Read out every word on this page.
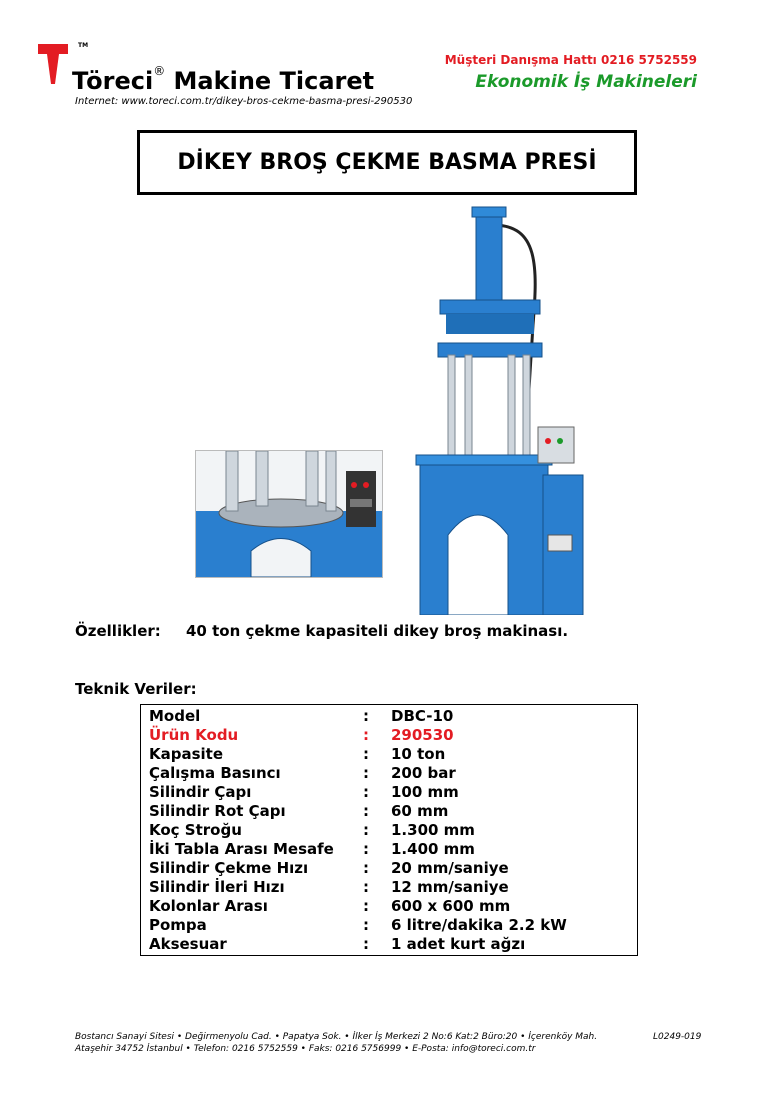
TM
Töreci® Makine Ticaret
Internet: www.toreci.com.tr/dikey-bros-cekme-basma-presi-290530
Müşteri Danışma Hattı 0216 5752559
Ekonomik İş Makineleri
DİKEY BROŞ ÇEKME BASMA PRESİ
Özellikler: 40 ton çekme kapasiteli dikey broş makinası.
Teknik Veriler:
Model	: DBC-10
Ürün Kodu	: 290530
Kapasite	: 10 ton
Çalışma Basıncı	: 200 bar
Silindir Çapı	: 100 mm
Silindir Rot Çapı	: 60 mm
Koç Stroğu	: 1.300 mm
İki Tabla Arası Mesafe : 1.400 mm
Silindir Çekme Hızı	: 20 mm/saniye
Silindir İleri Hızı	: 12 mm/saniye
Kolonlar Arası	: 600 x 600 mm
Pompa	: 6 litre/dakika 2.2 kW
Aksesuar	: 1 adet kurt ağzı
Bostancı Sanayi Sitesi • Değirmenyolu Cad. • Papatya Sok. • İlker İş Merkezi 2 No:6 Kat:2 Büro:20 • İçerenköy Mah.
Ataşehir 34752 İstanbul • Telefon: 0216 5752559 • Faks: 0216 5756999 • E-Posta: info@toreci.com.tr
L0249-019
